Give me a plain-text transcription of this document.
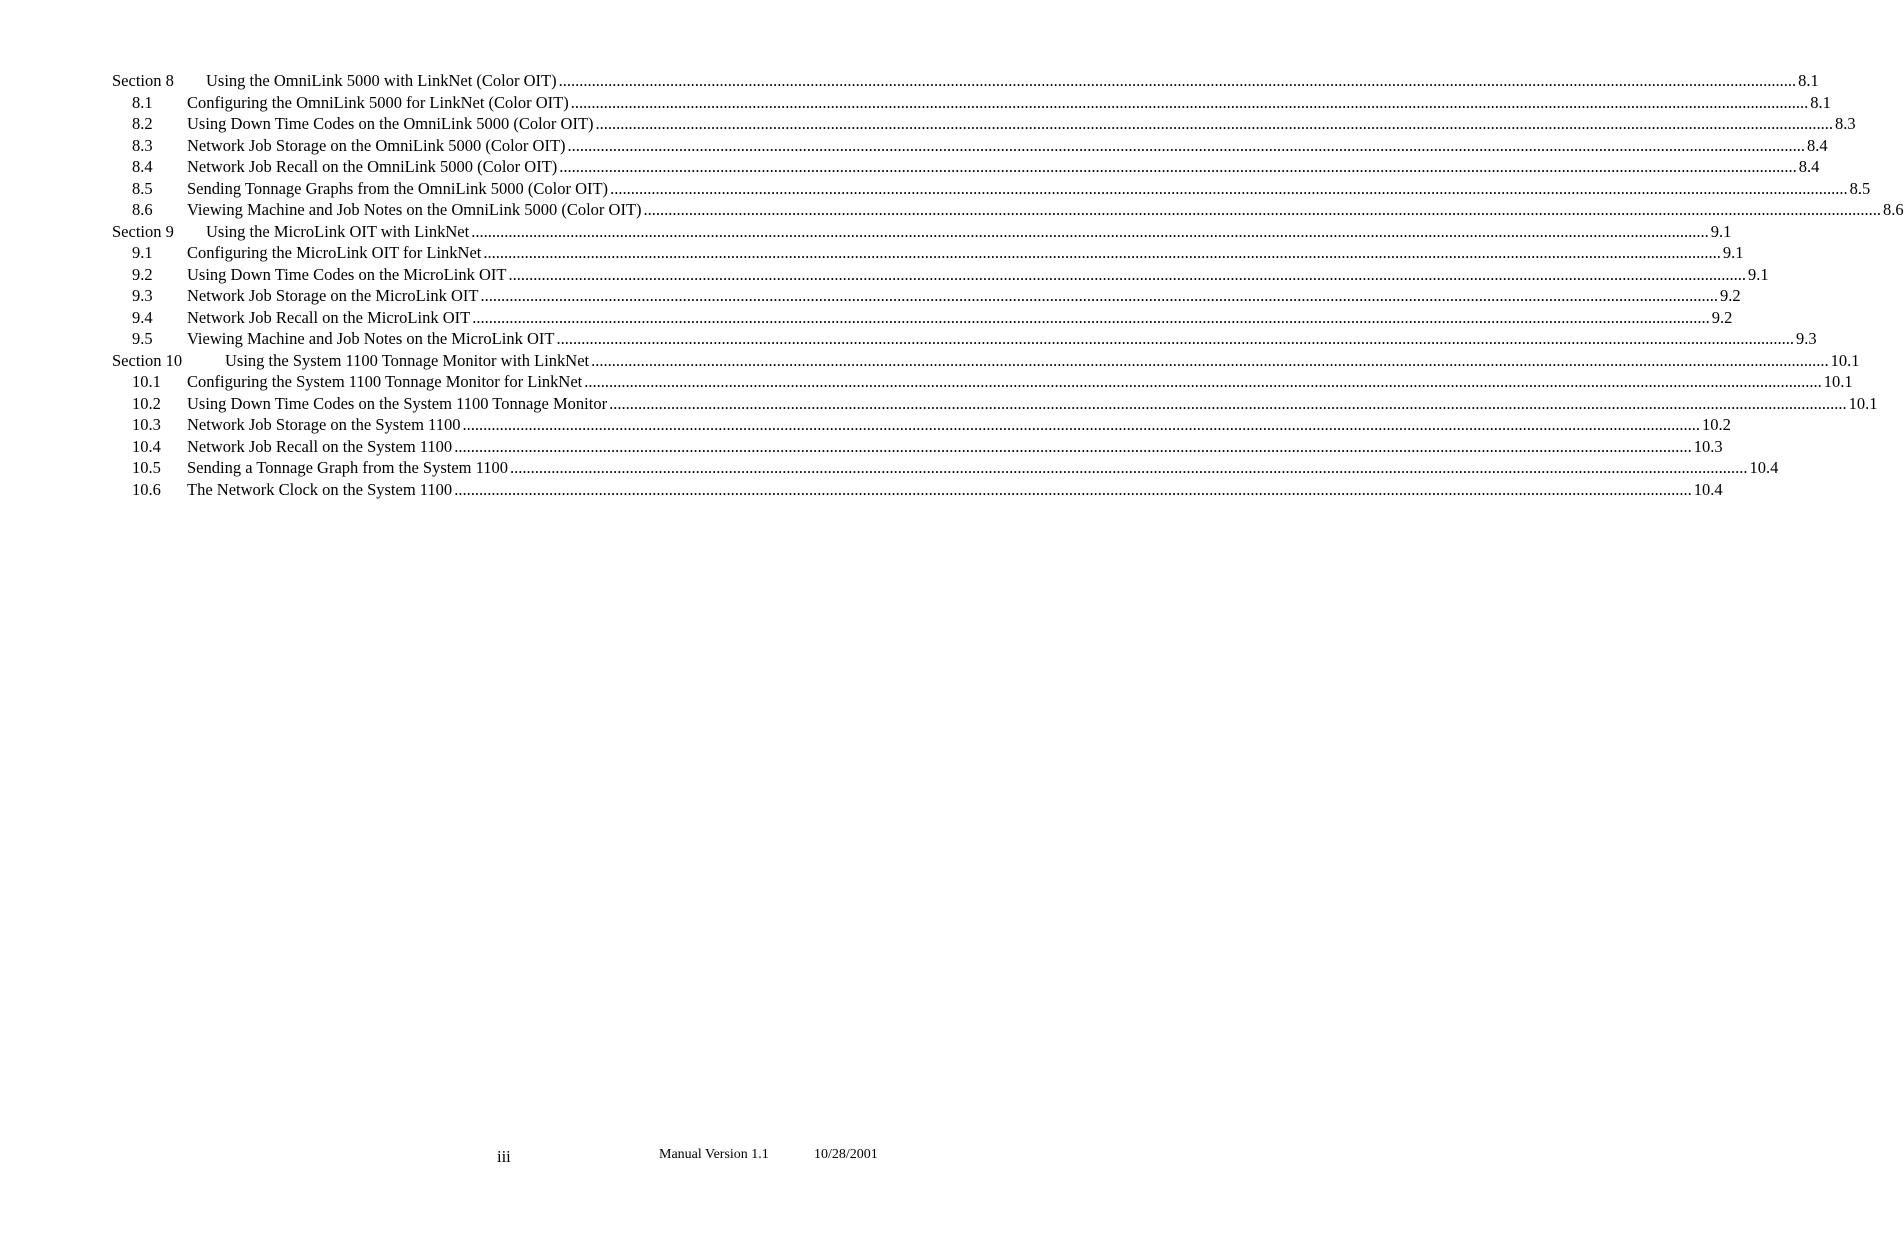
Section 8 Using the OmniLink 5000 with LinkNet (Color OIT) ............................................................................................................................................................................................................................................................................................................ 8.1
8.1 Configuring the OmniLink 5000 for LinkNet (Color OIT) ............................................................................................................................................................................................................................................................................................................ 8.1
8.2 Using Down Time Codes on the OmniLink 5000 (Color OIT) ............................................................................................................................................................................................................................................................................................................ 8.3
8.3 Network Job Storage on the OmniLink 5000 (Color OIT) ............................................................................................................................................................................................................................................................................................................ 8.4
8.4 Network Job Recall on the OmniLink 5000 (Color OIT) ............................................................................................................................................................................................................................................................................................................ 8.4
8.5 Sending Tonnage Graphs from the OmniLink 5000 (Color OIT) ............................................................................................................................................................................................................................................................................................................ 8.5
8.6 Viewing Machine and Job Notes on the OmniLink 5000 (Color OIT) ............................................................................................................................................................................................................................................................................................................ 8.6
Section 9 Using the MicroLink OIT with LinkNet ............................................................................................................................................................................................................................................................................................................ 9.1
9.1 Configuring the MicroLink OIT for LinkNet ............................................................................................................................................................................................................................................................................................................ 9.1
9.2 Using Down Time Codes on the MicroLink OIT ............................................................................................................................................................................................................................................................................................................ 9.1
9.3 Network Job Storage on the MicroLink OIT ............................................................................................................................................................................................................................................................................................................ 9.2
9.4 Network Job Recall on the MicroLink OIT ............................................................................................................................................................................................................................................................................................................ 9.2
9.5 Viewing Machine and Job Notes on the MicroLink OIT ............................................................................................................................................................................................................................................................................................................ 9.3
Section 10	Using the System 1100 Tonnage Monitor with LinkNet ............................................................................................................................................................................................................................................................................................................ 10.1
10.1 Configuring the System 1100 Tonnage Monitor for LinkNet ............................................................................................................................................................................................................................................................................................................ 10.1
10.2 Using Down Time Codes on the System 1100 Tonnage Monitor ............................................................................................................................................................................................................................................................................................................ 10.1
10.3 Network Job Storage on the System 1100 ............................................................................................................................................................................................................................................................................................................ 10.2
10.4 Network Job Recall on the System 1100 ............................................................................................................................................................................................................................................................................................................ 10.3
10.5 Sending a Tonnage Graph from the System 1100 ............................................................................................................................................................................................................................................................................................................ 10.4
10.6 The Network Clock on the System 1100 ............................................................................................................................................................................................................................................................................................................ 10.4
iii	Manual Version 1.1	10/28/2001
